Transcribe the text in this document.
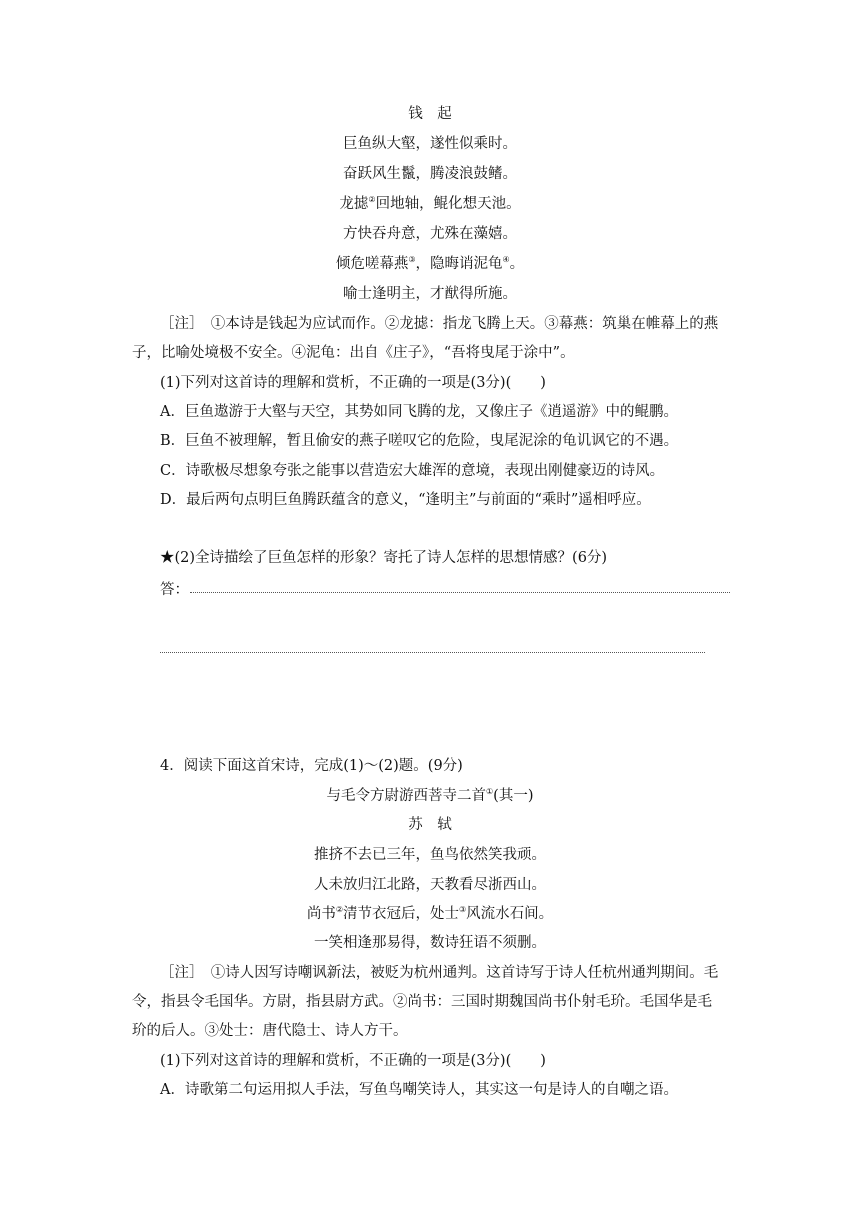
钱　起
巨鱼纵大壑，遂性似乘时。
奋跃风生鬣，腾凌浪鼓鳍。
龙摅②回地轴，鲲化想天池。
方快吞舟意，尤殊在藻嬉。
倾危嗟幕燕③，隐晦诮泥龟④。
喻士逢明主，才猷得所施。
［注］　①本诗是钱起为应试而作。②龙摅：指龙飞腾上天。③幕燕：筑巢在帷幕上的燕
子，比喻处境极不安全。④泥龟：出自《庄子》，“吾将曳尾于涂中”。
(1)下列对这首诗的理解和赏析，不正确的一项是(3分)(　　)
A．巨鱼遨游于大壑与天空，其势如同飞腾的龙，又像庄子《逍遥游》中的鲲鹏。
B．巨鱼不被理解，暂且偷安的燕子嗟叹它的危险，曳尾泥涂的龟讥讽它的不遇。
C．诗歌极尽想象夸张之能事以营造宏大雄浑的意境，表现出刚健豪迈的诗风。
D．最后两句点明巨鱼腾跃蕴含的意义，“逢明主”与前面的“乘时”遥相呼应。
★(2)全诗描绘了巨鱼怎样的形象？寄托了诗人怎样的思想情感？(6分)
答：
4．阅读下面这首宋诗，完成(1)～(2)题。(9分)
与毛令方尉游西菩寺二首①(其一)
苏　轼
推挤不去已三年，鱼鸟依然笑我顽。
人未放归江北路，天教看尽浙西山。
尚书②清节衣冠后，处士③风流水石间。
一笑相逢那易得，数诗狂语不须删。
［注］　①诗人因写诗嘲讽新法，被贬为杭州通判。这首诗写于诗人任杭州通判期间。毛
令，指县令毛国华。方尉，指县尉方武。②尚书：三国时期魏国尚书仆射毛玠。毛国华是毛
玠的后人。③处士：唐代隐士、诗人方干。
(1)下列对这首诗的理解和赏析，不正确的一项是(3分)(　　)
A．诗歌第二句运用拟人手法，写鱼鸟嘲笑诗人，其实这一句是诗人的自嘲之语。
